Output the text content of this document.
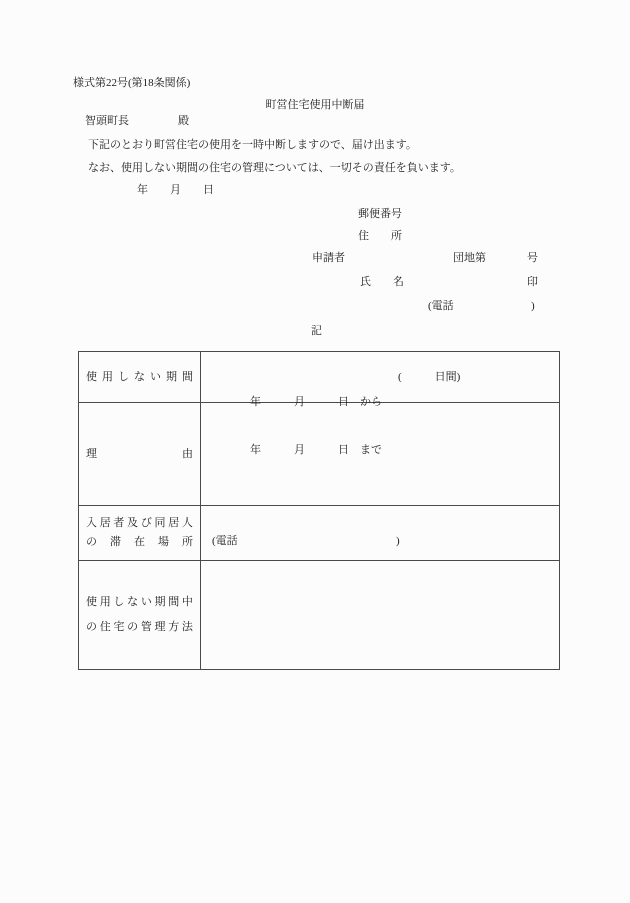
様式第22号(第18条関係)
町営住宅使用中断届
智頭町長	殿
下記のとおり町営住宅の使用を一時中断しますので、届け出ます。
なお、使用しない期間の住宅の管理については、一切その責任を負います。
年　　月　　日
郵便番号
住　　所
申請者	団地第	号
氏　　名	印
(電話	)
記
使 用 し な い 期 間

年　　　月　　　日　から

年　　　月　　　日　まで

(　　　日間)
理	由
入 居 者 及 び 同 居 人
の 滞 在 場 所 (電話	)
使 用 し な い 期 間 中
の 住 宅 の 管 理 方 法
